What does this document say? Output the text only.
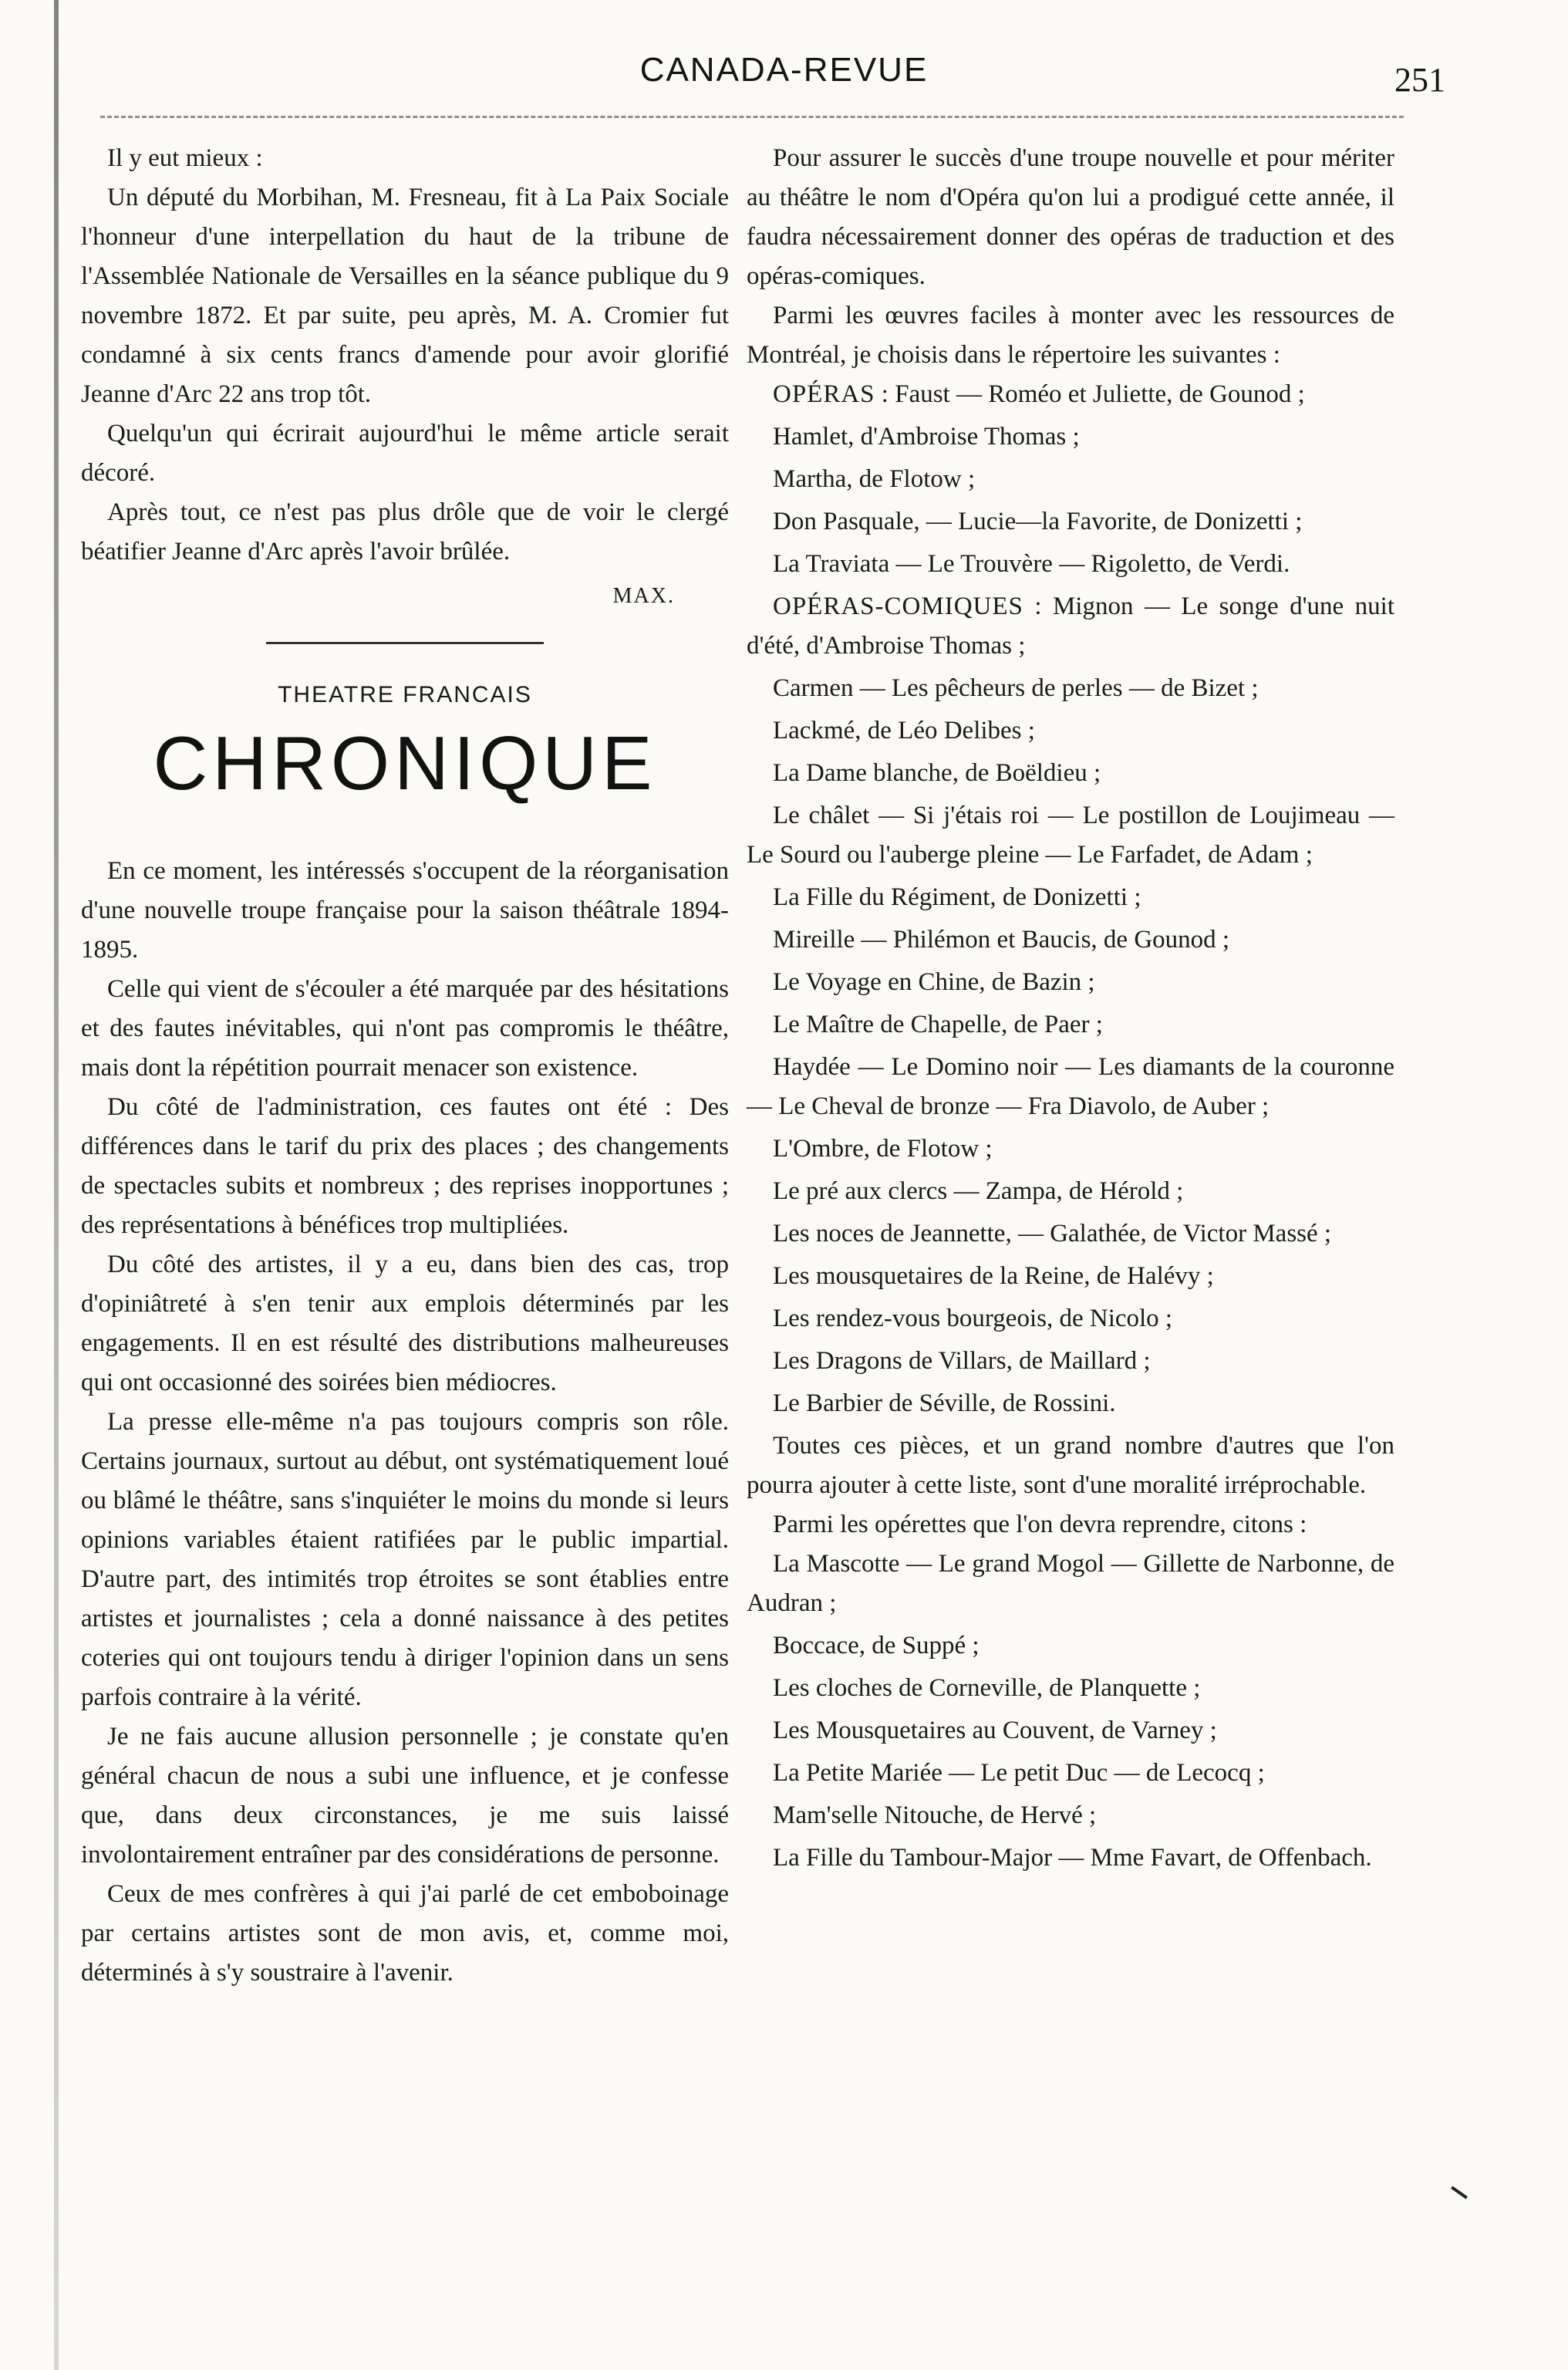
CANADA-REVUE	251

Il y eut mieux :

Un député du Morbihan, M. Fresneau, fit à La Paix Sociale l'honneur d'une interpellation du haut de la tribune de l'Assemblée Nationale de Versailles en la séance publique du 9 novembre 1872. Et par suite, peu après, M. A. Cromier fut condamné à six cents francs d'amende pour avoir glorifié Jeanne d'Arc 22 ans trop tôt.

Quelqu'un qui écrirait aujourd'hui le même article serait décoré.

Après tout, ce n'est pas plus drôle que de voir le clergé béatifier Jeanne d'Arc après l'avoir brûlée.

MAX.
THEATRE FRANCAIS
CHRONIQUE

En ce moment, les intéressés s'occupent de la réorganisation d'une nouvelle troupe française pour la saison théâtrale 1894-1895.

Celle qui vient de s'écouler a été marquée par des hésitations et des fautes inévitables, qui n'ont pas compromis le théâtre, mais dont la répétition pourrait menacer son existence.

Du côté de l'administration, ces fautes ont été : Des différences dans le tarif du prix des places ; des changements de spectacles subits et nombreux ; des reprises inopportunes ; des représentations à bénéfices trop multipliées.

Du côté des artistes, il y a eu, dans bien des cas, trop d'opiniâtreté à s'en tenir aux emplois déterminés par les engagements. Il en est résulté des distributions malheureuses qui ont occasionné des soirées bien médiocres.

La presse elle-même n'a pas toujours compris son rôle. Certains journaux, surtout au début, ont systématiquement loué ou blâmé le théâtre, sans s'inquiéter le moins du monde si leurs opinions variables étaient ratifiées par le public impartial. D'autre part, des intimités trop étroites se sont établies entre artistes et journalistes ; cela a donné naissance à des petites coteries qui ont toujours tendu à diriger l'opinion dans un sens parfois contraire à la vérité.

Je ne fais aucune allusion personnelle ; je constate qu'en général chacun de nous a subi une influence, et je confesse que, dans deux circonstances, je me suis laissé involontairement entraîner par des considérations de personne.

Ceux de mes confrères à qui j'ai parlé de cet emboboinage par certains artistes sont de mon avis, et, comme moi, déterminés à s'y soustraire à l'avenir.

Pour assurer le succès d'une troupe nouvelle et pour mériter au théâtre le nom d'Opéra qu'on lui a prodigué cette année, il faudra nécessairement donner des opéras de traduction et des opéras-comiques.

Parmi les œuvres faciles à monter avec les ressources de Montréal, je choisis dans le répertoire les suivantes :

OPÉRAS : Faust — Roméo et Juliette, de Gounod ;

Hamlet, d'Ambroise Thomas ;

Martha, de Flotow ;

Don Pasquale, — Lucie—la Favorite, de Donizetti ;

La Traviata — Le Trouvère — Rigoletto, de Verdi.

OPÉRAS-COMIQUES : Mignon — Le songe d'une nuit d'été, d'Ambroise Thomas ;

Carmen — Les pêcheurs de perles — de Bizet ;

Lackmé, de Léo Delibes ;

La Dame blanche, de Boëldieu ;

Le châlet — Si j'étais roi — Le postillon de Loujimeau — Le Sourd ou l'auberge pleine — Le Farfadet, de Adam ;

La Fille du Régiment, de Donizetti ;

Mireille — Philémon et Baucis, de Gounod ;

Le Voyage en Chine, de Bazin ;

Le Maître de Chapelle, de Paer ;

Haydée — Le Domino noir — Les diamants de la couronne — Le Cheval de bronze — Fra Diavolo, de Auber ;

L'Ombre, de Flotow ;

Le pré aux clercs — Zampa, de Hérold ;

Les noces de Jeannette, — Galathée, de Victor Massé ;

Les mousquetaires de la Reine, de Halévy ;

Les rendez-vous bourgeois, de Nicolo ;

Les Dragons de Villars, de Maillard ;

Le Barbier de Séville, de Rossini.

Toutes ces pièces, et un grand nombre d'autres que l'on pourra ajouter à cette liste, sont d'une moralité irréprochable.

Parmi les opérettes que l'on devra reprendre, citons :

La Mascotte — Le grand Mogol — Gillette de Narbonne, de Audran ;

Boccace, de Suppé ;

Les cloches de Corneville, de Planquette ;

Les Mousquetaires au Couvent, de Varney ;

La Petite Mariée — Le petit Duc — de Lecocq ;

Mam'selle Nitouche, de Hervé ;

La Fille du Tambour-Major — Mme Favart, de Offenbach.
